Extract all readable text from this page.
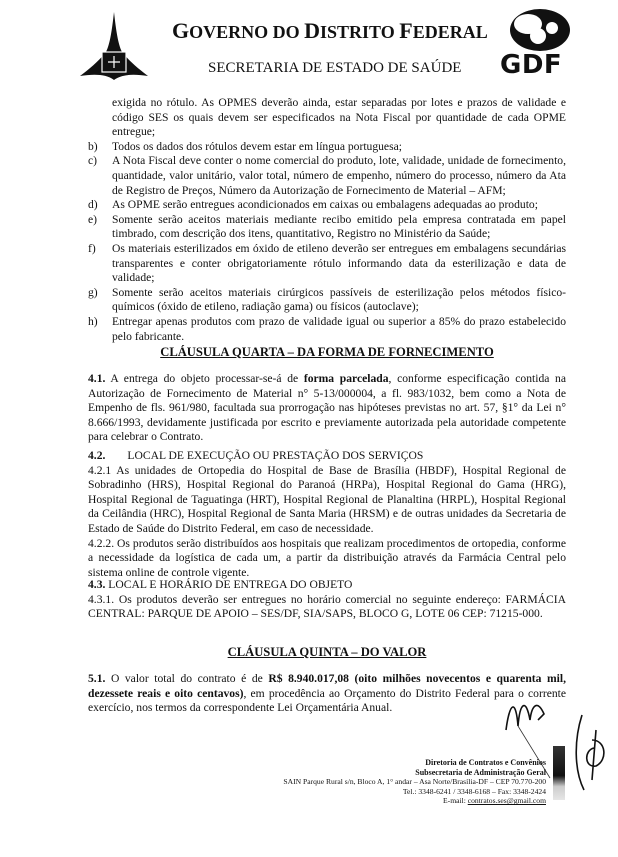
GOVERNO DO DISTRITO FEDERAL
SECRETARIA DE ESTADO DE SAÚDE GDF
exigida no rótulo. As OPMES deverão ainda, estar separadas por lotes e prazos de validade e código SES os quais devem ser especificados na Nota Fiscal por quantidade de cada OPME entregue;
b) Todos os dados dos rótulos devem estar em língua portuguesa;
c) A Nota Fiscal deve conter o nome comercial do produto, lote, validade, unidade de fornecimento, quantidade, valor unitário, valor total, número de empenho, número do processo, número da Ata de Registro de Preços, Número da Autorização de Fornecimento de Material – AFM;
d) As OPME serão entregues acondicionados em caixas ou embalagens adequadas ao produto;
e) Somente serão aceitos materiais mediante recibo emitido pela empresa contratada em papel timbrado, com descrição dos itens, quantitativo, Registro no Ministério da Saúde;
f) Os materiais esterilizados em óxido de etileno deverão ser entregues em embalagens secundárias transparentes e conter obrigatoriamente rótulo informando data da esterilização e data de validade;
g) Somente serão aceitos materiais cirúrgicos passíveis de esterilização pelos métodos físico-químicos (óxido de etileno, radiação gama) ou físicos (autoclave);
h) Entregar apenas produtos com prazo de validade igual ou superior a 85% do prazo estabelecido pelo fabricante.
CLÁUSULA QUARTA – DA FORMA DE FORNECIMENTO

4.1. A entrega do objeto processar-se-á de forma parcelada, conforme especificação contida na Autorização de Fornecimento de Material n° 5-13/000004, a fl. 983/1032, bem como a Nota de Empenho de fls. 961/980, facultada sua prorrogação nas hipóteses previstas no art. 57, §1° da Lei n° 8.666/1993, devidamente justificada por escrito e previamente autorizada pela autoridade competente para celebrar o Contrato.

4.2. LOCAL DE EXECUÇÃO OU PRESTAÇÃO DOS SERVIÇOS

4.2.1 As unidades de Ortopedia do Hospital de Base de Brasília (HBDF), Hospital Regional de Sobradinho (HRS), Hospital Regional do Paranoá (HRPa), Hospital Regional do Gama (HRG), Hospital Regional de Taguatinga (HRT), Hospital Regional de Planaltina (HRPL), Hospital Regional da Ceilândia (HRC), Hospital Regional de Santa Maria (HRSM) e de outras unidades da Secretaria de Estado de Saúde do Distrito Federal, em caso de necessidade.

4.2.2. Os produtos serão distribuídos aos hospitais que realizam procedimentos de ortopedia, conforme a necessidade da logística de cada um, a partir da distribuição através da Farmácia Central pelo sistema online de controle vigente.

4.3. LOCAL E HORÁRIO DE ENTREGA DO OBJETO

4.3.1. Os produtos deverão ser entregues no horário comercial no seguinte endereço: FARMÁCIA CENTRAL: PARQUE DE APOIO – SES/DF, SIA/SAPS, BLOCO G, LOTE 06 CEP: 71215-000.

CLÁUSULA QUINTA – DO VALOR

5.1. O valor total do contrato é de R$ 8.940.017,08 (oito milhões novecentos e quarenta mil, dezessete reais e oito centavos), em procedência ao Orçamento do Distrito Federal para o corrente exercício, nos termos da correspondente Lei Orçamentária Anual.

Diretoria de Contratos e Convênios
Subsecretaria de Administração Geral
SAIN Parque Rural s/n, Bloco A, 1° andar – Asa Norte/Brasília-DF – CEP 70.770-200
Tel.: 3348-6241 / 3348-6168 – Fax: 3348-2424
E-mail: contratos.ses@gmail.com
